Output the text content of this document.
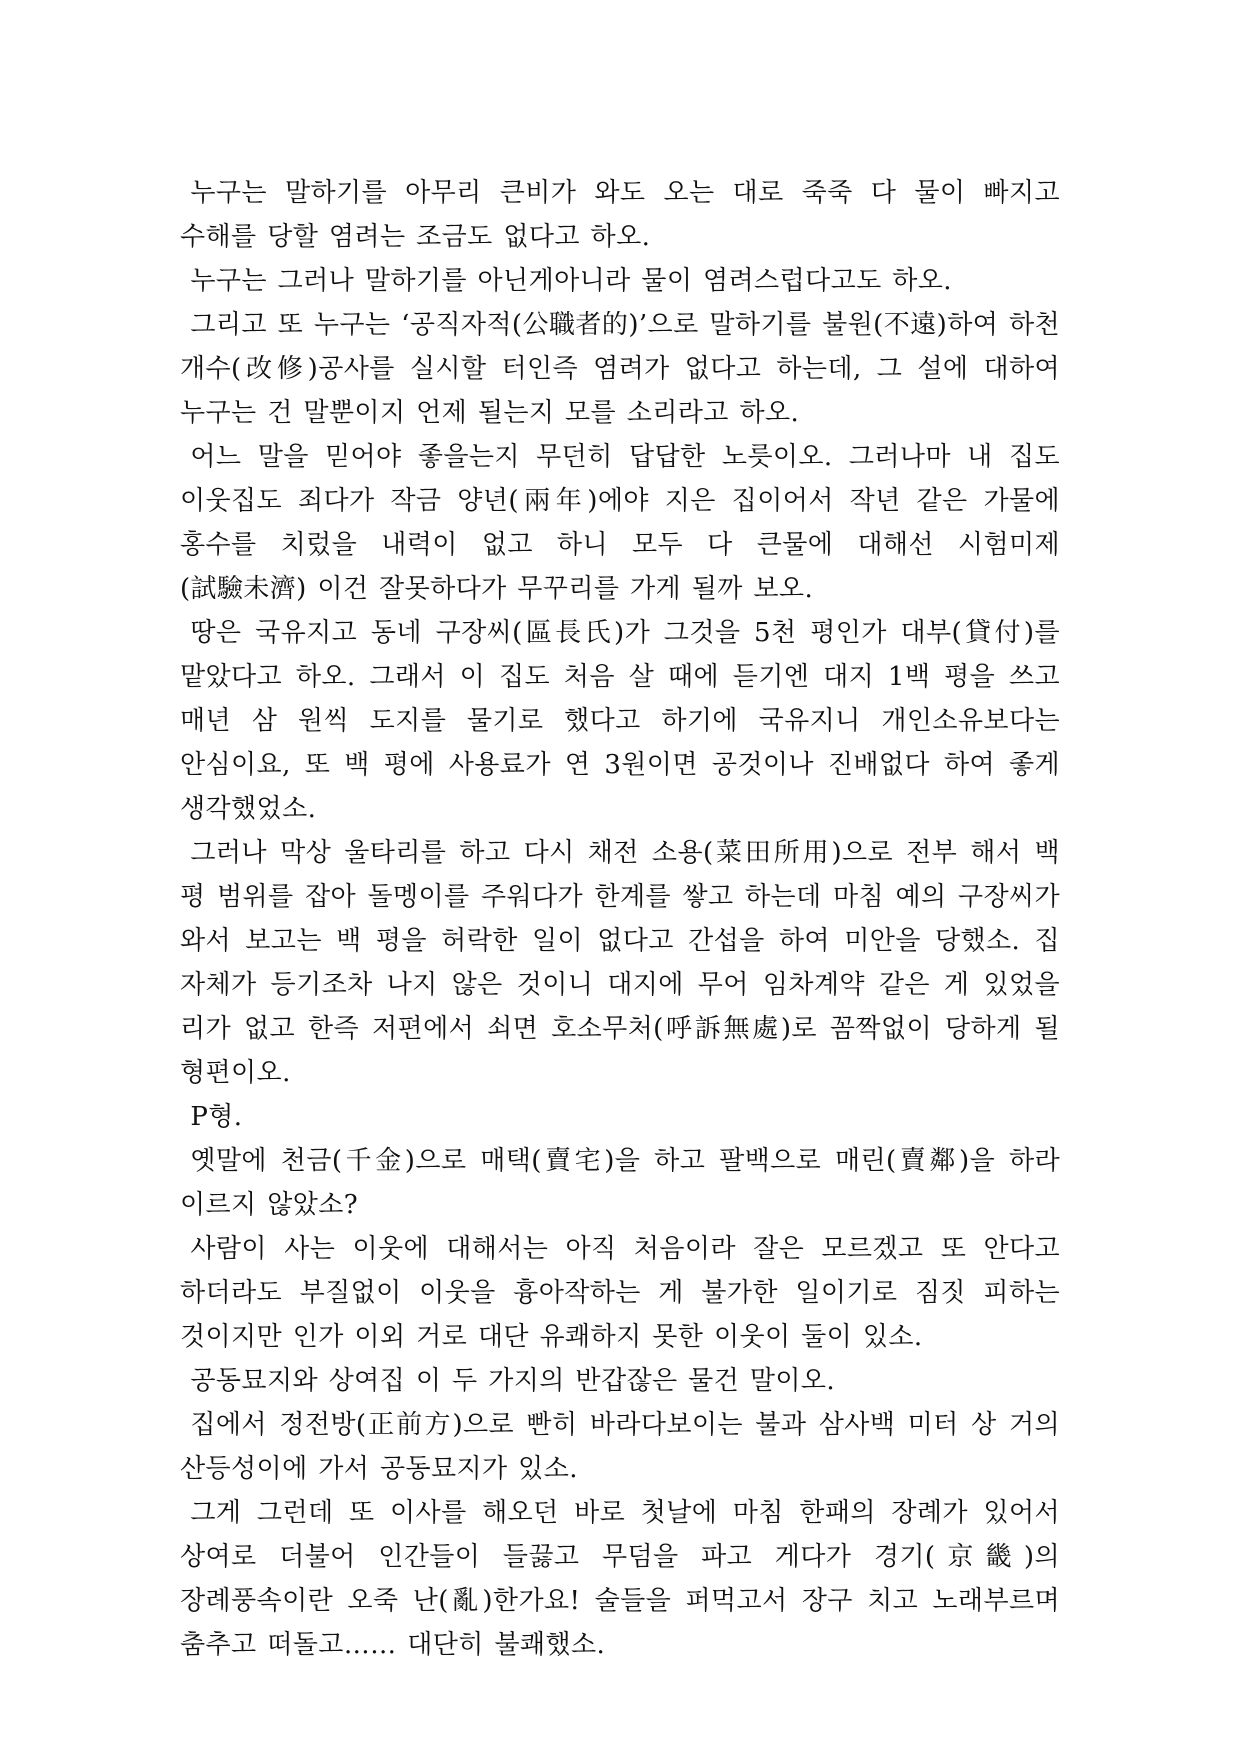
누구는 말하기를 아무리 큰비가 와도 오는 대로 죽죽 다 물이 빠지고 수해를 당할 염려는 조금도 없다고 하오.

누구는 그러나 말하기를 아닌게아니라 물이 염려스럽다고도 하오.

그리고 또 누구는 ‘공직자적(公職者的)’으로 말하기를 불원(不遠)하여 하천 개수(改修)공사를 실시할 터인즉 염려가 없다고 하는데, 그 설에 대하여 누구는 건 말뿐이지 언제 될는지 모를 소리라고 하오.

어느 말을 믿어야 좋을는지 무던히 답답한 노릇이오. 그러나마 내 집도 이웃집도 죄다가 작금 양년(兩年)에야 지은 집이어서 작년 같은 가물에 홍수를 치렀을 내력이 없고 하니 모두 다 큰물에 대해선 시험미제(試驗未濟) 이건 잘못하다가 무꾸리를 가게 될까 보오.

땅은 국유지고 동네 구장씨(區長氏)가 그것을 5천 평인가 대부(貸付)를 맡았다고 하오. 그래서 이 집도 처음 살 때에 듣기엔 대지 1백 평을 쓰고 매년 삼 원씩 도지를 물기로 했다고 하기에 국유지니 개인소유보다는 안심이요, 또 백 평에 사용료가 연 3원이면 공것이나 진배없다 하여 좋게 생각했었소.

그러나 막상 울타리를 하고 다시 채전 소용(菜田所用)으로 전부 해서 백 평 범위를 잡아 돌멩이를 주워다가 한계를 쌓고 하는데 마침 예의 구장씨가 와서 보고는 백 평을 허락한 일이 없다고 간섭을 하여 미안을 당했소. 집 자체가 등기조차 나지 않은 것이니 대지에 무어 임차계약 같은 게 있었을 리가 없고 한즉 저편에서 쇠면 호소무처(呼訴無處)로 꼼짝없이 당하게 될 형편이오.

P형.

옛말에 천금(千金)으로 매택(賣宅)을 하고 팔백으로 매린(賣鄰)을 하라 이르지 않았소?

사람이 사는 이웃에 대해서는 아직 처음이라 잘은 모르겠고 또 안다고 하더라도 부질없이 이웃을 흉아작하는 게 불가한 일이기로 짐짓 피하는 것이지만 인가 이외 거로 대단 유쾌하지 못한 이웃이 둘이 있소.

공동묘지와 상여집 이 두 가지의 반갑잖은 물건 말이오.

집에서 정전방(正前方)으로 빤히 바라다보이는 불과 삼사백 미터 상 거의 산등성이에 가서 공동묘지가 있소.

그게 그런데 또 이사를 해오던 바로 첫날에 마침 한패의 장례가 있어서 상여로 더불어 인간들이 들끓고 무덤을 파고 게다가 경기(京畿)의 장례풍속이란 오죽 난(亂)한가요! 술들을 퍼먹고서 장구 치고 노래부르며 춤추고 떠돌고…… 대단히 불쾌했소.
